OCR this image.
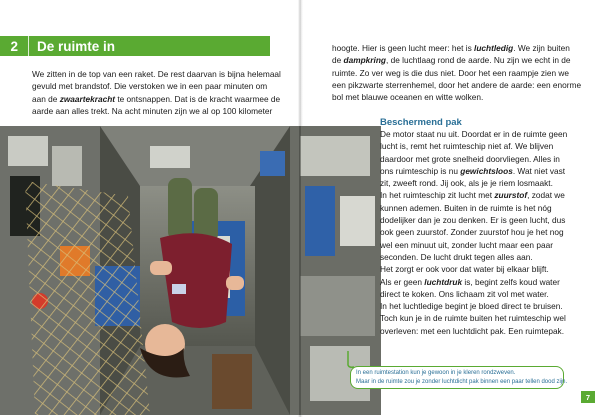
2 De ruimte in

We zitten in de top van een raket. De rest daarvan is bijna helemaal

gevuld met brandstof. Die verstoken we in een paar minuten om

aan de zwaartekracht te ontsnappen. Dat is de kracht waarmee de

aarde aan alles trekt. Na acht minuten zijn we al op 100 kilometer

hoogte. Hier is geen lucht meer: het is luchtledig. We zijn buiten

de dampkring, de luchtlaag rond de aarde. Nu zijn we echt in de

ruimte. Zo ver weg is die dus niet. Door het een raampje zien we

een pikzwarte sterrenhemel, door het andere de aarde: een enorme

bol met blauwe oceanen en witte wolken.

7
Beschermend pak

De motor staat nu uit. Doordat er in de ruimte geen

lucht is, remt het ruimteschip niet af. We blijven

daardoor met grote snelheid doorvliegen. Alles in

ons ruimteschip is nu gewichtsloos. Wat niet vast

zit, zweeft rond. Jij ook, als je je riem losmaakt.

In het ruimteschip zit lucht met zuurstof, zodat we

kunnen ademen. Buiten in de ruimte is het nóg

dodelijker dan je zou denken. Er is geen lucht, dus

ook geen zuurstof. Zonder zuurstof hou je het nog

wel een minuut uit, zonder lucht maar een paar

seconden. De lucht drukt tegen alles aan.

Het zorgt er ook voor dat water bij elkaar blijft.

Als er geen luchtdruk is, begint zelfs koud water

direct te koken. Ons lichaam zit vol met water.

In het luchtledige begint je bloed direct te bruisen.

Toch kun je in de ruimte buiten het ruimteschip wel

overleven: met een luchtdicht pak. Een ruimtepak.

In een ruimtestation kun je gewoon in je kleren rondzweven.

Maar in de ruimte zou je zonder luchtdicht pak binnen een paar tellen dood zijn.
